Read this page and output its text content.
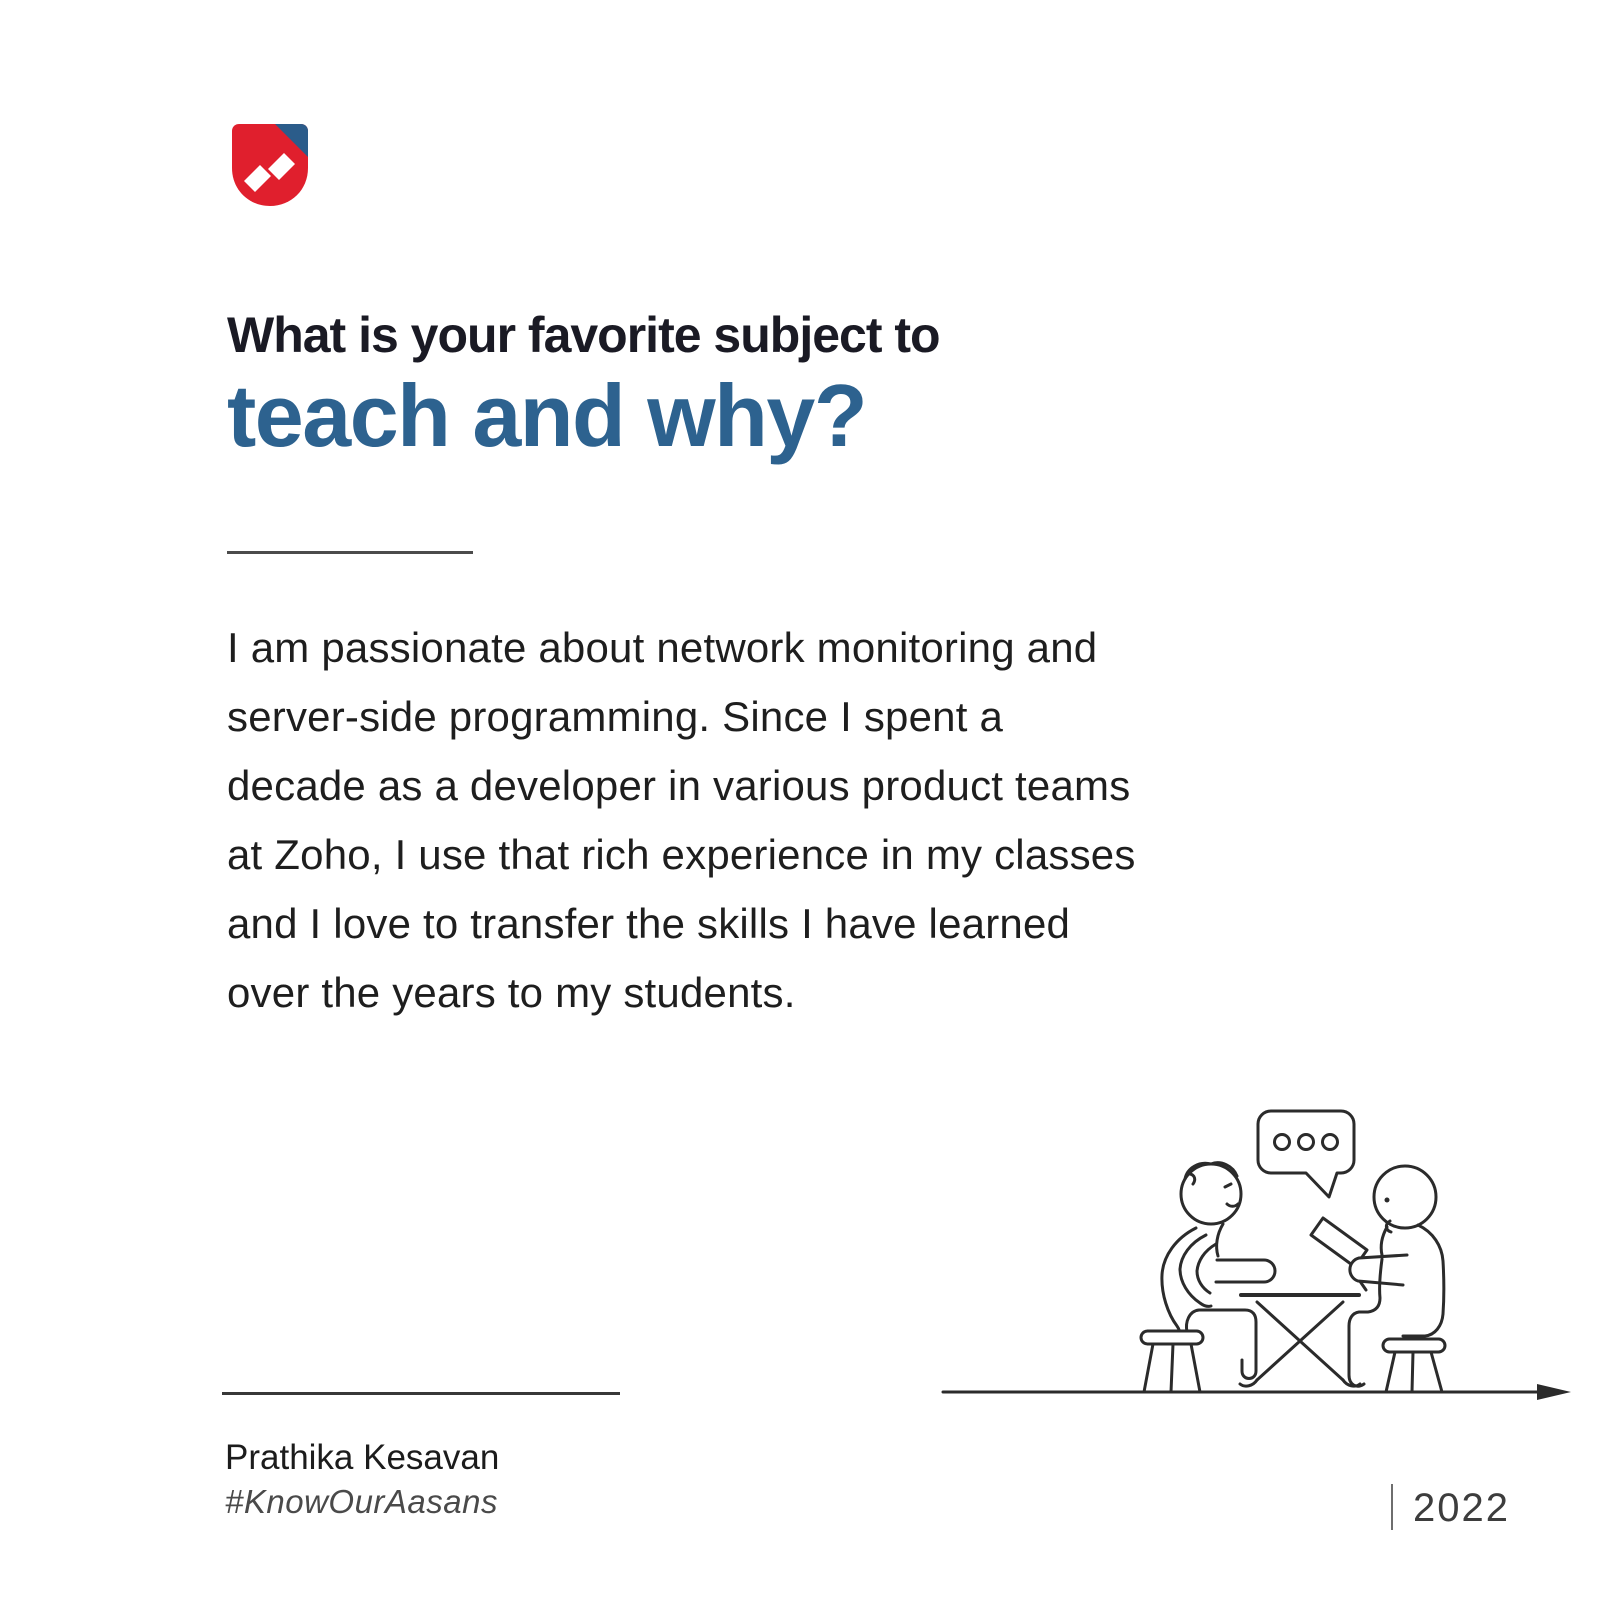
What is your favorite subject to
teach and why?
I am passionate about network monitoring and
server-side programming. Since I spent a
decade as a developer in various product teams
at Zoho, I use that rich experience in my classes
and I love to transfer the skills I have learned
over the years to my students.
Prathika Kesavan
#KnowOurAasans	2022
